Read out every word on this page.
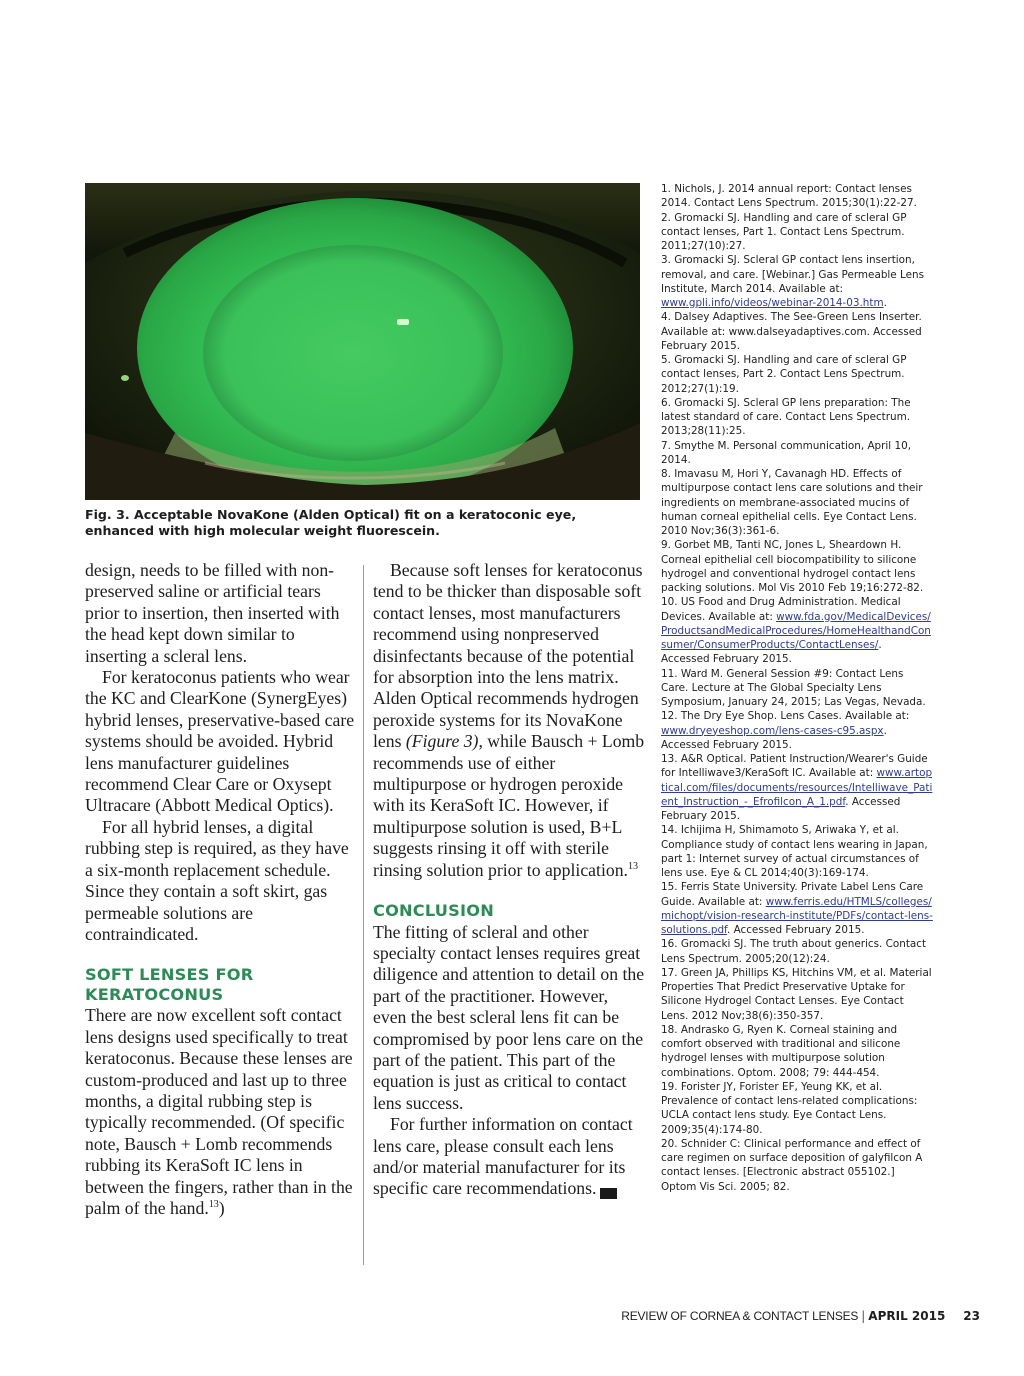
Fig. 3. Acceptable NovaKone (Alden Optical) fit on a keratoconic eye, enhanced with high molecular weight fluorescein.

design, needs to be filled with non-preserved saline or artificial tears prior to insertion, then inserted with the head kept down similar to inserting a scleral lens.

For keratoconus patients who wear the KC and ClearKone (SynergEyes) hybrid lenses, preservative-based care systems should be avoided. Hybrid lens manufacturer guidelines recommend Clear Care or Oxysept Ultracare (Abbott Medical Optics).

For all hybrid lenses, a digital rubbing step is required, as they have a six-month replacement schedule. Since they contain a soft skirt, gas permeable solutions are contraindicated.

SOFT LENSES FOR KERATOCONUS

There are now excellent soft contact lens designs used specifically to treat keratoconus. Because these lenses are custom-produced and last up to three months, a digital rubbing step is typically recommended. (Of specific note, Bausch + Lomb recommends rubbing its KeraSoft IC lens in between the fingers, rather than in the palm of the hand.$^{13}$)

Because soft lenses for keratoconus tend to be thicker than disposable soft contact lenses, most manufacturers recommend using nonpreserved disinfectants because of the potential for absorption into the lens matrix. Alden Optical recommends hydrogen peroxide systems for its NovaKone lens (Figure 3), while Bausch + Lomb recommends use of either multipurpose or hydrogen peroxide with its KeraSoft IC. However, if multipurpose solution is used, B+L suggests rinsing it off with sterile rinsing solution prior to application.$^{13}$

CONCLUSION

The fitting of scleral and other specialty contact lenses requires great diligence and attention to detail on the part of the practitioner. However, even the best scleral lens fit can be compromised by poor lens care on the part of the patient. This part of the equation is just as critical to contact lens success.

For further information on contact lens care, please consult each lens and/or material manufacturer for its specific care recommendations.	RCCL

1. Nichols, J. 2014 annual report: Contact lenses 2014. Contact Lens Spectrum. 2015;30(1):22-27.

2. Gromacki SJ. Handling and care of scleral GP contact lenses, Part 1. Contact Lens Spectrum. 2011;27(10):27.

3. Gromacki SJ. Scleral GP contact lens insertion, removal, and care. [Webinar.] Gas Permeable Lens Institute, March 2014. Available at: www.gpli.info/videos/webinar-2014-03.htm.

4. Dalsey Adaptives. The See-Green Lens Inserter. Available at: www.dalseyadaptives.com. Accessed February 2015.

5. Gromacki SJ. Handling and care of scleral GP contact lenses, Part 2. Contact Lens Spectrum. 2012;27(1):19.

6. Gromacki SJ. Scleral GP lens preparation: The latest standard of care. Contact Lens Spectrum. 2013;28(11):25.

7. Smythe M. Personal communication, April 10, 2014.

8. Imavasu M, Hori Y, Cavanagh HD. Effects of multipurpose contact lens care solutions and their ingredients on membrane-associated mucins of human corneal epithelial cells. Eye Contact Lens. 2010 Nov;36(3):361-6.

9. Gorbet MB, Tanti NC, Jones L, Sheardown H. Corneal epithelial cell biocompatibility to silicone hydrogel and conventional hydrogel contact lens packing solutions. Mol Vis 2010 Feb 19;16:272-82.

10. US Food and Drug Administration. Medical Devices. Available at: www.fda.gov/MedicalDevices/ProductsandMedicalProcedures/HomeHealthandConsumer/ConsumerProducts/ContactLenses/. Accessed February 2015.

11. Ward M. General Session #9: Contact Lens Care. Lecture at The Global Specialty Lens Symposium, January 24, 2015; Las Vegas, Nevada.

12. The Dry Eye Shop. Lens Cases. Available at: www.dryeyeshop.com/lens-cases-c95.aspx. Accessed February 2015.

13. A&R Optical. Patient Instruction/Wearer's Guide for Intelliwave3/KeraSoft IC. Available at: www.artoptical.com/files/documents/resources/Intelliwave_Patient_Instruction_-_Efrofilcon_A_1.pdf. Accessed February 2015.

14. Ichijima H, Shimamoto S, Ariwaka Y, et al. Compliance study of contact lens wearing in Japan, part 1: Internet survey of actual circumstances of lens use. Eye & CL 2014;40(3):169-174.

15. Ferris State University. Private Label Lens Care Guide. Available at: www.ferris.edu/HTMLS/colleges/michopt/vision-research-institute/PDFs/contact-lens-solutions.pdf. Accessed February 2015.

16. Gromacki SJ. The truth about generics. Contact Lens Spectrum. 2005;20(12):24.

17. Green JA, Phillips KS, Hitchins VM, et al. Material Properties That Predict Preservative Uptake for Silicone Hydrogel Contact Lenses. Eye Contact Lens. 2012 Nov;38(6):350-357.

18. Andrasko G, Ryen K. Corneal staining and comfort observed with traditional and silicone hydrogel lenses with multipurpose solution combinations. Optom. 2008; 79: 444-454.

19. Forister JY, Forister EF, Yeung KK, et al. Prevalence of contact lens-related complications: UCLA contact lens study. Eye Contact Lens. 2009;35(4):174-80.

20. Schnider C: Clinical performance and effect of care regimen on surface deposition of galyfilcon A contact lenses. [Electronic abstract 055102.] Optom Vis Sci. 2005; 82.

REVIEW OF CORNEA & CONTACT LENSES | APRIL 2015 23
